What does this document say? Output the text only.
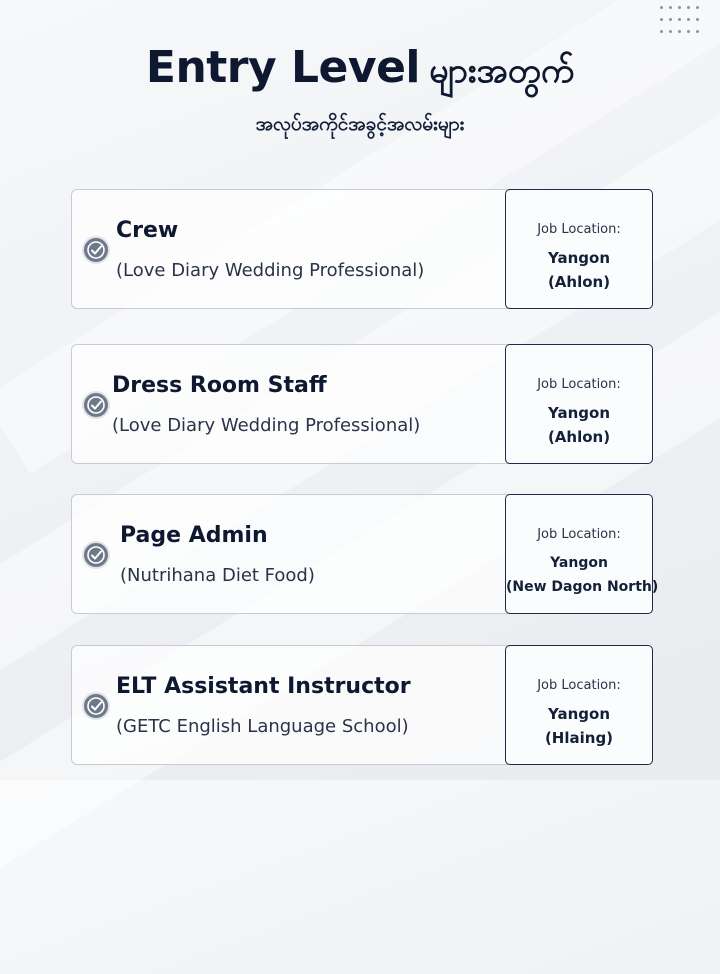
Entry Level များအတွက်
အလုပ်အကိုင်အခွင့်အလမ်းများ
Crew
(Love Diary Wedding Professional)
Job Location:
Yangon
(Ahlon)
Dress Room Staff
(Love Diary Wedding Professional)
Job Location:
Yangon
(Ahlon)
Page Admin
(Nutrihana Diet Food)
Job Location:
Yangon
(New Dagon North)
ELT Assistant Instructor
(GETC English Language School)
Job Location:
Yangon
(Hlaing)
